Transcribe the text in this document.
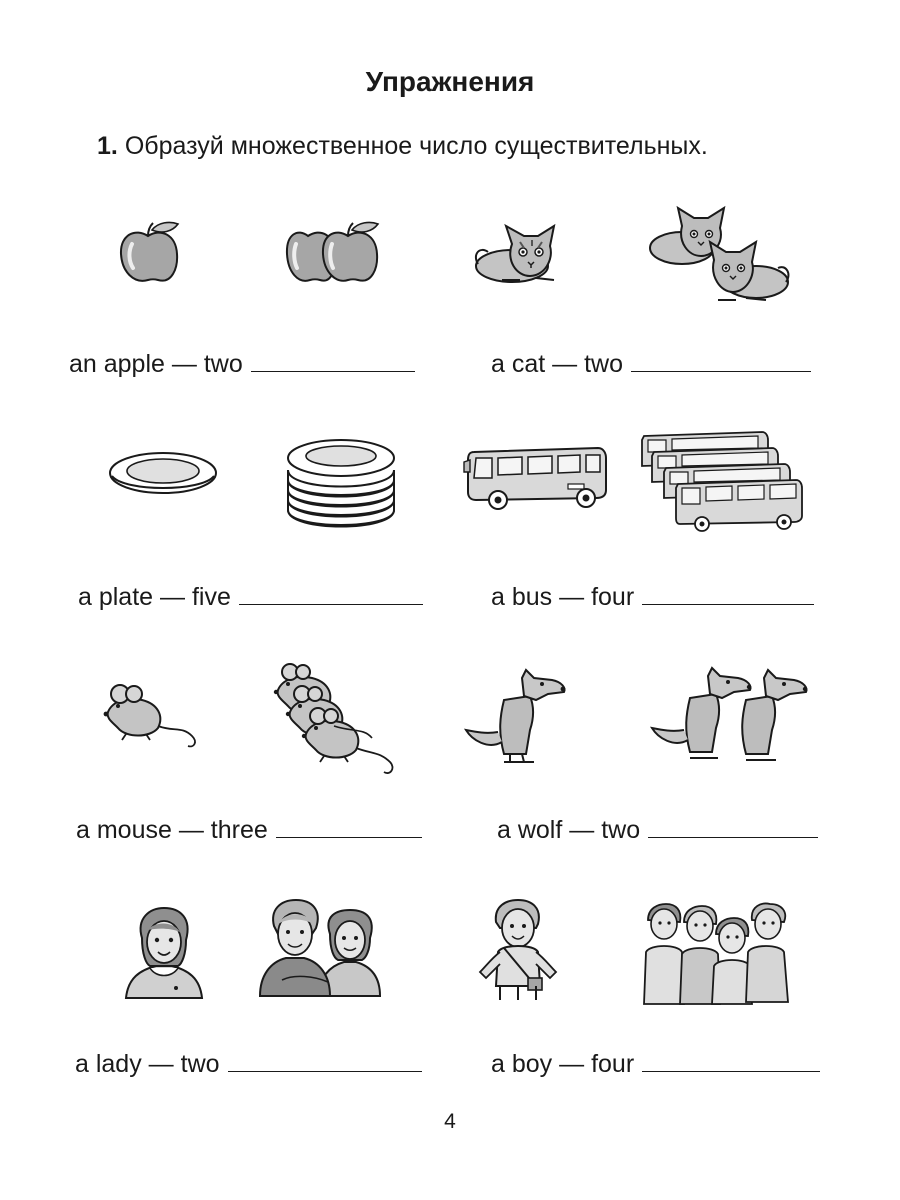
Упражнения
1. Образуй множественное число существительных.
an apple
—
two	a cat
—
two
a plate
—
five	a bus
—
four
a mouse
—
three	a wolf
—
two
a lady
—
two	a boy
—
four
4
